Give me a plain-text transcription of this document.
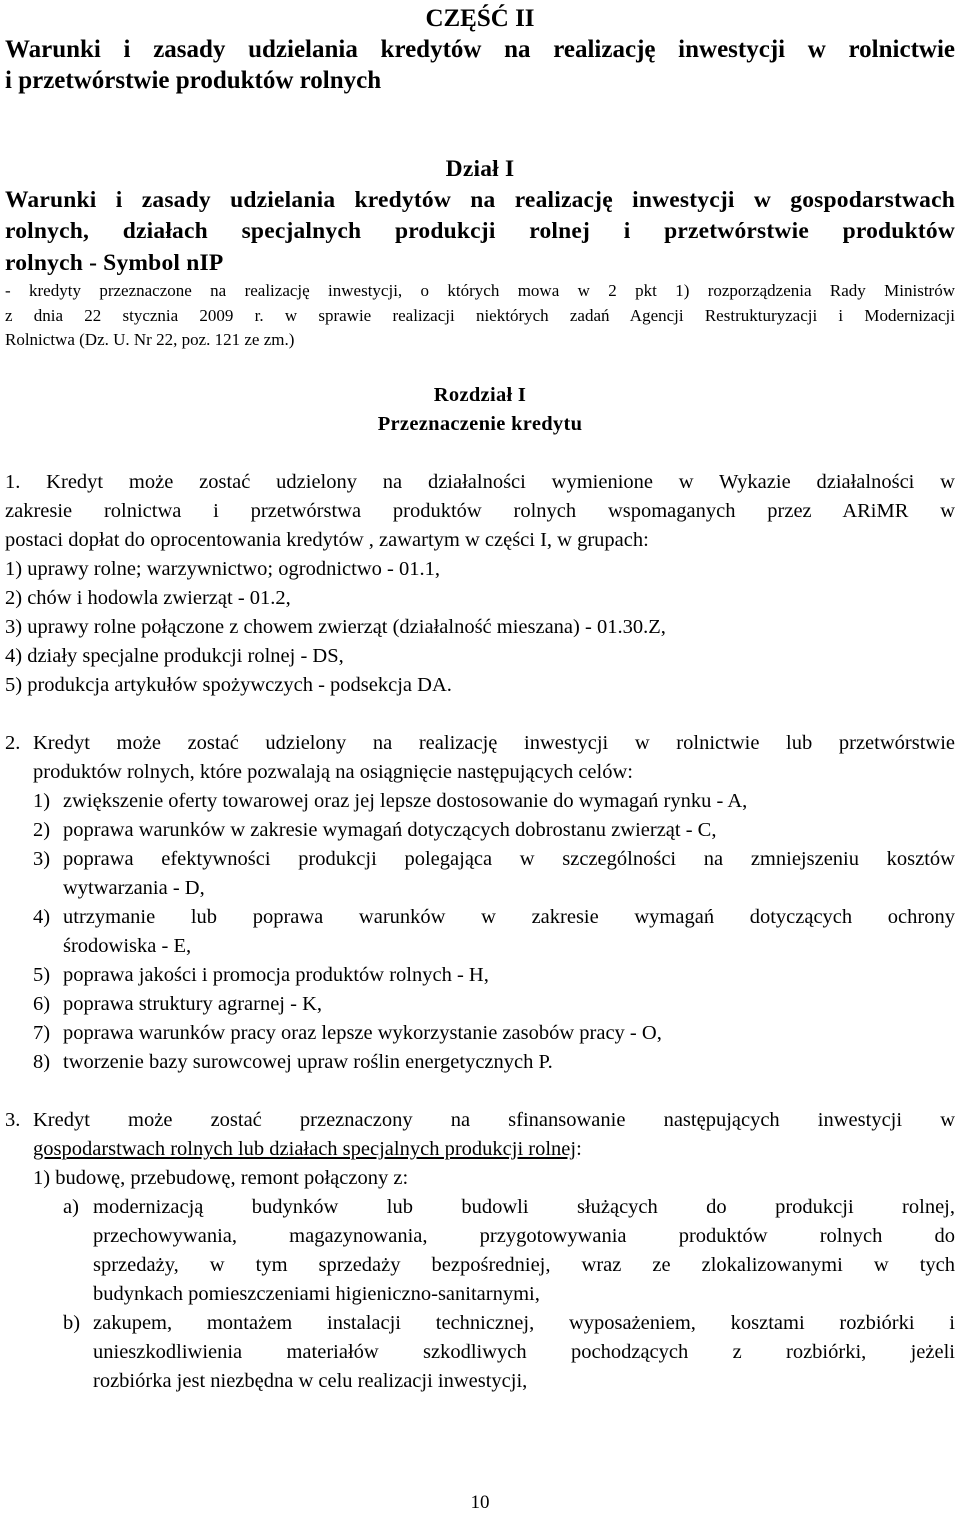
CZĘŚĆ II
Warunki i zasady udzielania kredytów na realizację inwestycji w rolnictwie
i przetwórstwie produktów rolnych
Dział I
Warunki i zasady udzielania kredytów na realizację inwestycji w gospodarstwach
rolnych, działach specjalnych produkcji rolnej i przetwórstwie produktów
rolnych - Symbol nIP
- kredyty przeznaczone na realizację inwestycji, o których mowa w 2 pkt 1) rozporządzenia Rady Ministrów
z dnia 22 stycznia 2009 r. w sprawie realizacji niektórych zadań Agencji Restrukturyzacji i Modernizacji
Rolnictwa (Dz. U. Nr 22, poz. 121 ze zm.)
Rozdział I
Przeznaczenie kredytu
1. Kredyt może zostać udzielony na działalności wymienione w Wykazie działalności w
zakresie rolnictwa i przetwórstwa produktów rolnych wspomaganych przez ARiMR w
postaci dopłat do oprocentowania kredytów , zawartym w części I, w grupach:
1) uprawy rolne; warzywnictwo; ogrodnictwo - 01.1,
2) chów i hodowla zwierząt - 01.2,
3) uprawy rolne połączone z chowem zwierząt (działalność mieszana) - 01.30.Z,
4) działy specjalne produkcji rolnej - DS,
5) produkcja artykułów spożywczych - podsekcja DA.
2. Kredyt może zostać udzielony na realizację inwestycji w rolnictwie lub przetwórstwie
produktów rolnych, które pozwalają na osiągnięcie następujących celów:
1) zwiększenie oferty towarowej oraz jej lepsze dostosowanie do wymagań rynku - A,
2) poprawa warunków w zakresie wymagań dotyczących dobrostanu zwierząt - C,
3) poprawa efektywności produkcji polegająca w szczególności na zmniejszeniu kosztów
wytwarzania - D,
4) utrzymanie lub poprawa warunków w zakresie wymagań dotyczących ochrony
środowiska - E,
5) poprawa jakości i promocja produktów rolnych - H,
6) poprawa struktury agrarnej - K,
7) poprawa warunków pracy oraz lepsze wykorzystanie zasobów pracy - O,
8) tworzenie bazy surowcowej upraw roślin energetycznych P.
3. Kredyt może zostać przeznaczony na sfinansowanie następujących inwestycji w
gospodarstwach rolnych lub działach specjalnych produkcji rolnej:
1) budowę, przebudowę, remont połączony z:
a) modernizacją budynków lub budowli służących do produkcji rolnej,
przechowywania, magazynowania, przygotowywania produktów rolnych do
sprzedaży, w tym sprzedaży bezpośredniej, wraz ze zlokalizowanymi w tych
budynkach pomieszczeniami higieniczno-sanitarnymi,
b) zakupem, montażem instalacji technicznej, wyposażeniem, kosztami rozbiórki i
unieszkodliwienia materiałów szkodliwych pochodzących z rozbiórki, jeżeli
rozbiórka jest niezbędna w celu realizacji inwestycji,
10
